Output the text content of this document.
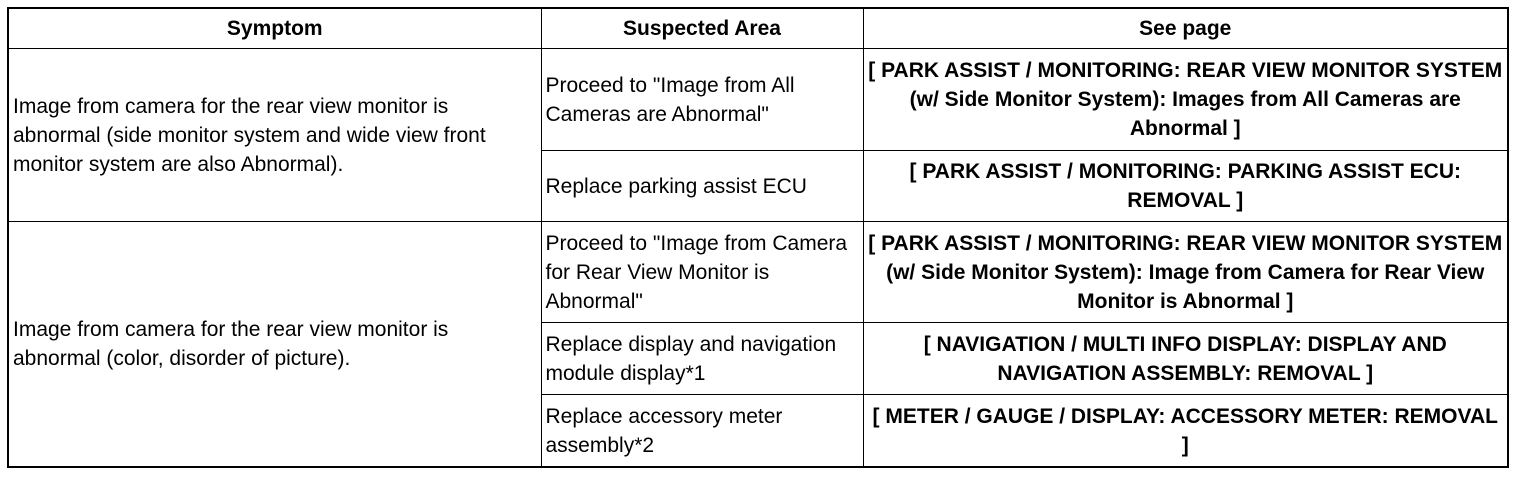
Symptom	Suspected Area	See page
Image from camera for the rear view monitor is abnormal (side monitor system and wide view front monitor system are also Abnormal).	Proceed to "Image from All Cameras are Abnormal"	[ PARK ASSIST / MONITORING: REAR VIEW MONITOR SYSTEM (w/ Side Monitor System): Images from All Cameras are Abnormal ]
	Replace parking assist ECU	[ PARK ASSIST / MONITORING: PARKING ASSIST ECU: REMOVAL ]
Image from camera for the rear view monitor is abnormal (color, disorder of picture).	Proceed to "Image from Camera for Rear View Monitor is Abnormal"	[ PARK ASSIST / MONITORING: REAR VIEW MONITOR SYSTEM (w/ Side Monitor System): Image from Camera for Rear View Monitor is Abnormal ]
	Replace display and navigation module display*1	[ NAVIGATION / MULTI INFO DISPLAY: DISPLAY AND NAVIGATION ASSEMBLY: REMOVAL ]
	Replace accessory meter assembly*2	[ METER / GAUGE / DISPLAY: ACCESSORY METER: REMOVAL ]
